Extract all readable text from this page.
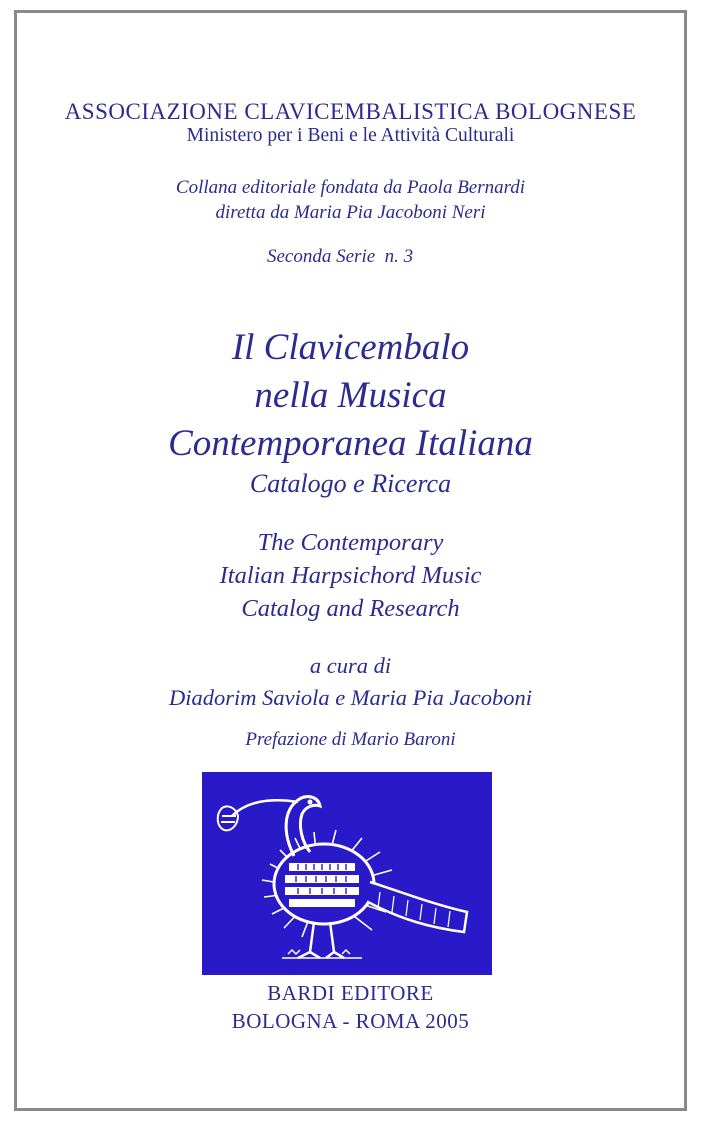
ASSOCIAZIONE CLAVICEMBALISTICA BOLOGNESE
Ministero per i Beni e le Attività Culturali
Collana editoriale fondata da Paola Bernardi
diretta da Maria Pia Jacoboni Neri
Seconda Serie  n. 3
Il Clavicembalo
nella Musica
Contemporanea Italiana
Catalogo e Ricerca
The Contemporary
Italian Harpsichord Music
Catalog and Research
a cura di
Diadorim Saviola e Maria Pia Jacoboni
Prefazione di Mario Baroni
BARDI EDITORE
BOLOGNA - ROMA 2005
